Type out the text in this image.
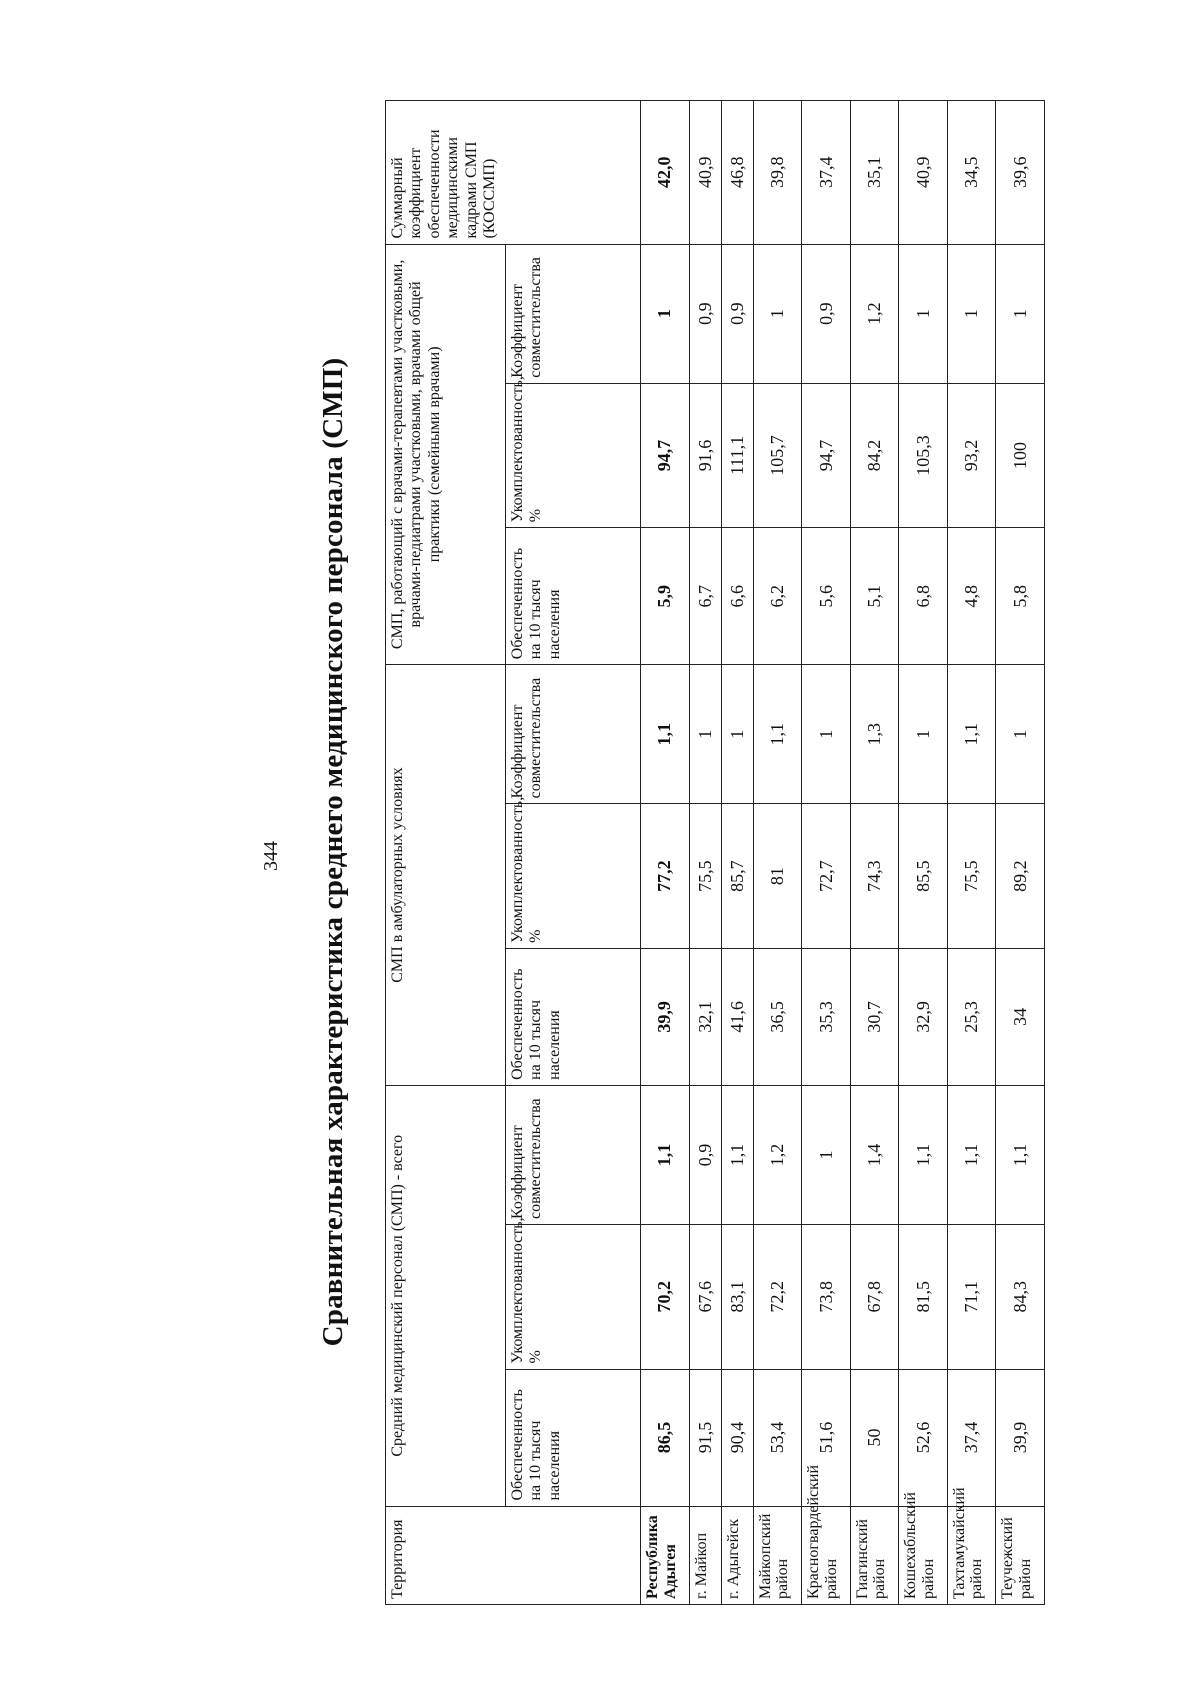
344 Сравнительная характеристика среднего медицинского персонала (СМП)
Территория	Средний медицинский персонал (СМП) - всего			СМП в амбулаторных условиях			СМП, работающий с врачами-терапевтами участковыми, врачами-педиатрами участковыми, врачами общей практики (семейными врачами)			Суммарный коэффициент обеспеченности медицинскими кадрами СМП (КОССМП)
	Обеспеченность на 10 тысяч населения	Укомплектованность, %	Коэффициент совместительства	Обеспеченность на 10 тысяч населения	Укомплектованность, %	Коэффициент совместительства	Обеспеченность на 10 тысяч населения	Укомплектованность, %	Коэффициент совместительства	
Республика Адыгея	86,5	70,2	1,1	39,9	77,2	1,1	5,9	94,7	1	42,0
г. Майкоп	91,5	67,6	0,9	32,1	75,5	1	6,7	91,6	0,9	40,9
г. Адыгейск	90,4	83,1	1,1	41,6	85,7	1	6,6	111,1	0,9	46,8
Майкопский район	53,4	72,2	1,2	36,5	81	1,1	6,2	105,7	1	39,8
Красногвардейский район	51,6	73,8	1	35,3	72,7	1	5,6	94,7	0,9	37,4
Гиагинский район	50	67,8	1,4	30,7	74,3	1,3	5,1	84,2	1,2	35,1
Кошехабльский район	52,6	81,5	1,1	32,9	85,5	1	6,8	105,3	1	40,9
Тахтамукайский район	37,4	71,1	1,1	25,3	75,5	1,1	4,8	93,2	1	34,5
Теучежский район	39,9	84,3	1,1	34	89,2	1	5,8	100	1	39,6
